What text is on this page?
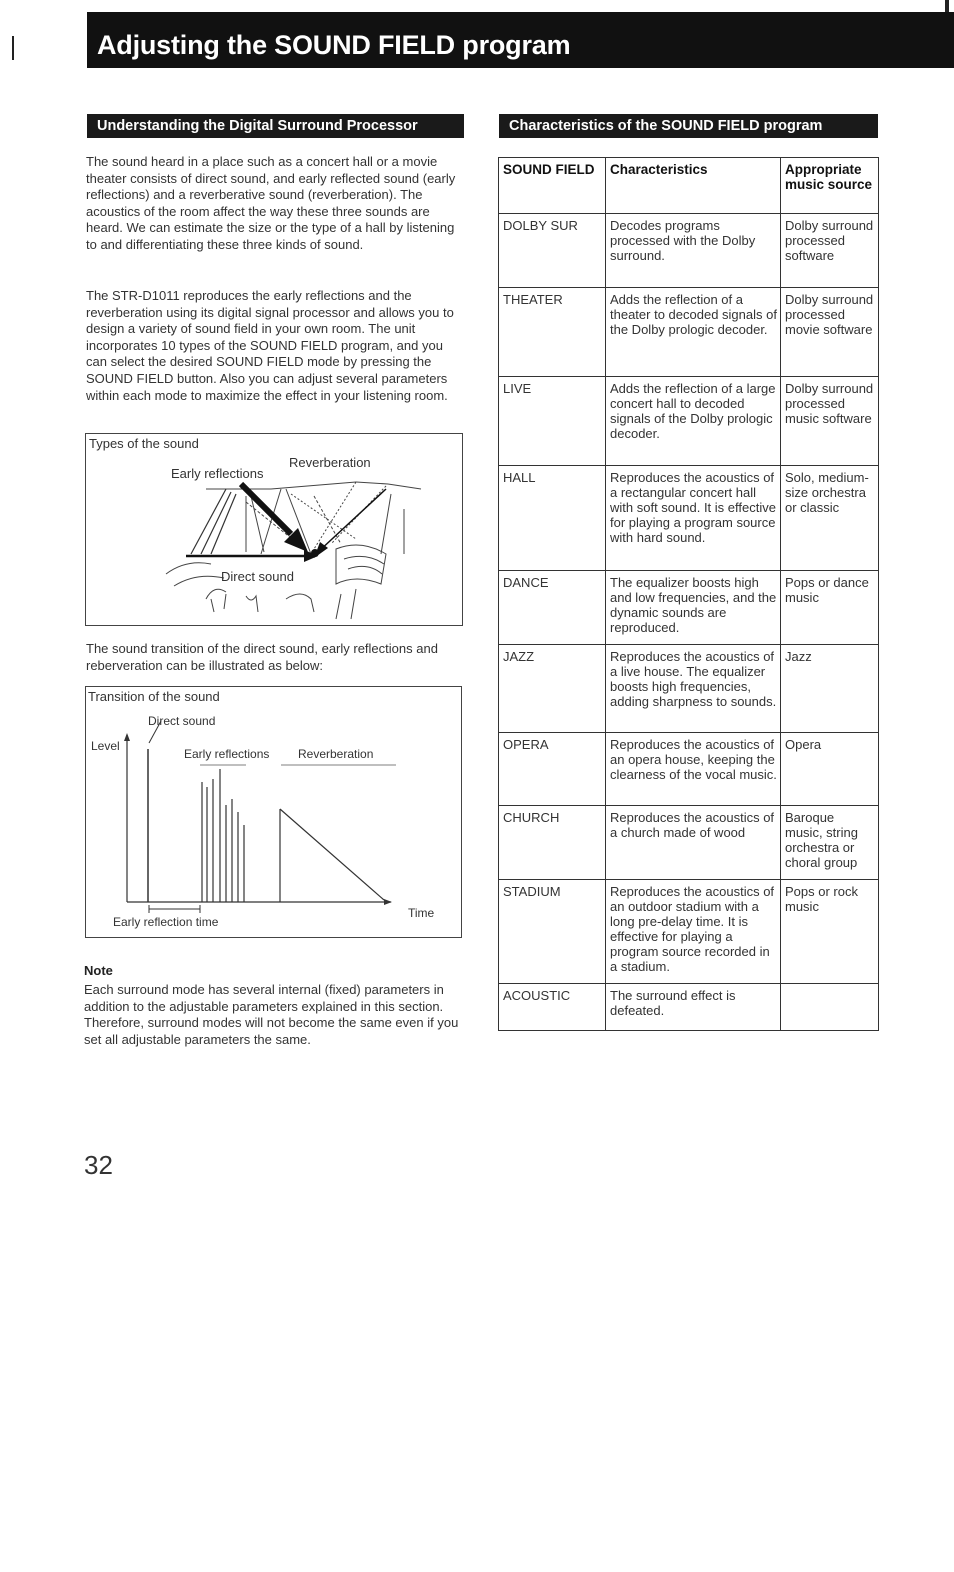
Adjusting the SOUND FIELD program
Understanding the Digital Surround Processor

The sound heard in a place such as a concert hall or a movie theater consists of direct sound, and early reflected sound (early reflections) and a reverberative sound (reverberation). The acoustics of the room affect the way these three sounds are heard. We can estimate the size or the type of a hall by listening to and differentiating these three kinds of sound.

The STR-D1011 reproduces the early reflections and the reverberation using its digital signal processor and allows you to design a variety of sound field in your own room. The unit incorporates 10 types of the SOUND FIELD program, and you can select the desired SOUND FIELD mode by pressing the SOUND FIELD button. Also you can adjust several parameters within each mode to maximize the effect in your listening room.

Types of the sound
Reverberation
Early reflections
Direct sound

The sound transition of the direct sound, early reflections and reberveration can be illustrated as below:

Transition of the sound
Direct sound
Level
Early reflections Reverberation
Time
Early reflection time
Note

Each surround mode has several internal (fixed) parameters in addition to the adjustable parameters explained in this section. Therefore, surround modes will not become the same even if you set all adjustable parameters the same.

32
Characteristics of the SOUND FIELD program
SOUND FIELD	Characteristics	Appropriate music source
DOLBY SUR	Decodes programs processed with the Dolby surround.	Dolby surround processed software
THEATER	Adds the reflection of a theater to decoded signals of the Dolby prologic decoder.	Dolby surround processed movie software
LIVE	Adds the reflection of a large concert hall to decoded signals of the Dolby prologic decoder.	Dolby surround processed music software
HALL	Reproduces the acoustics of a rectangular concert hall with soft sound. It is effective for playing a program source with hard sound.	Solo, medium-size orchestra or classic
DANCE	The equalizer boosts high and low frequencies, and the dynamic sounds are reproduced.	Pops or dance music
JAZZ	Reproduces the acoustics of a live house. The equalizer boosts high frequencies, adding sharpness to sounds.	Jazz
OPERA	Reproduces the acoustics of an opera house, keeping the clearness of the vocal music.	Opera
CHURCH	Reproduces the acoustics of a church made of wood	Baroque music, string orchestra or choral group
STADIUM	Reproduces the acoustics of an outdoor stadium with a long pre-delay time. It is effective for playing a program source recorded in a stadium.	Pops or rock music
ACOUSTIC	The surround effect is defeated.	
